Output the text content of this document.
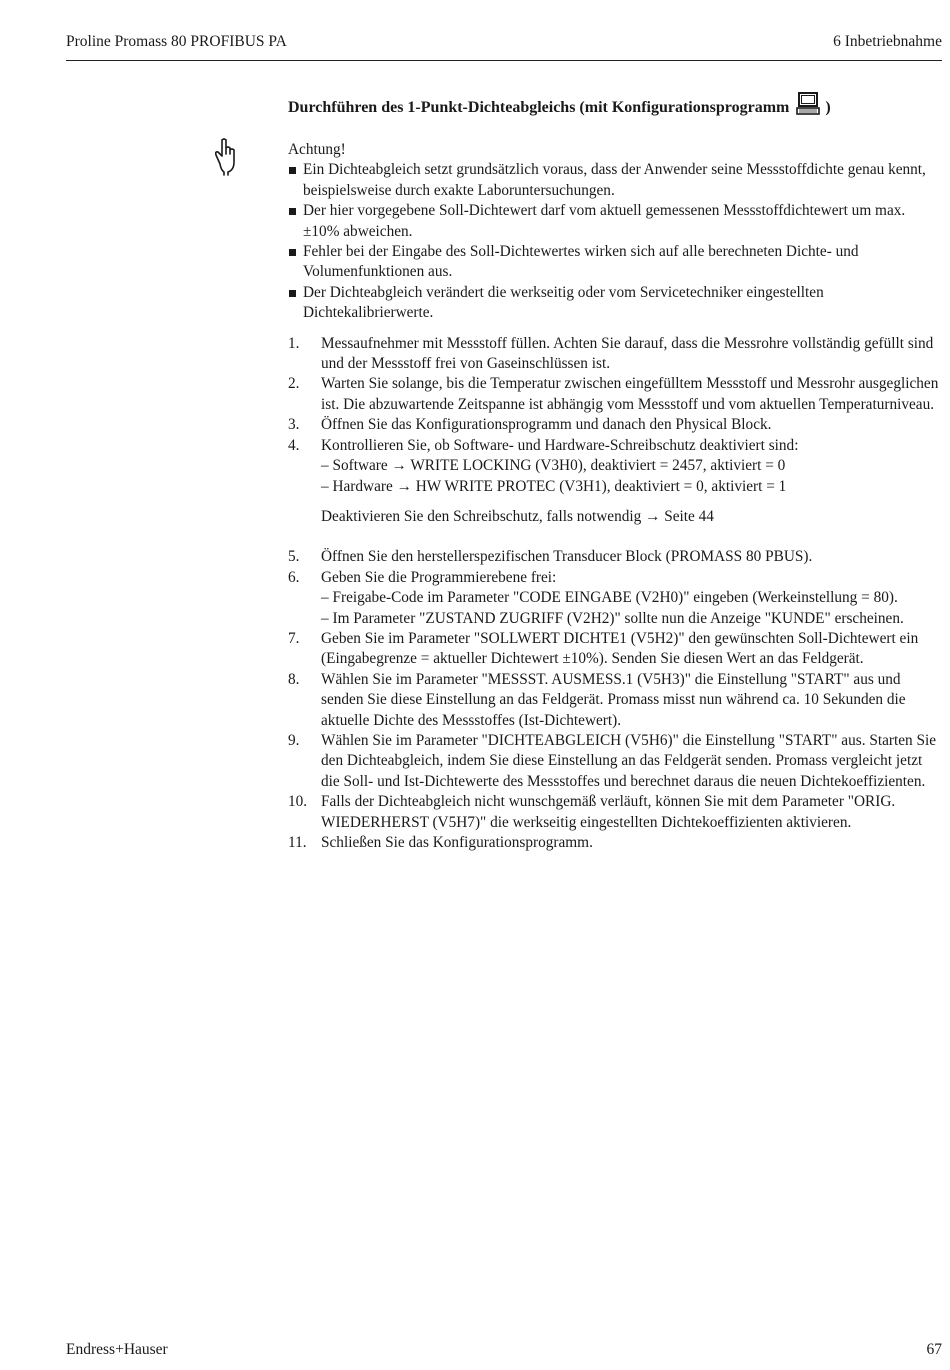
Proline Promass 80 PROFIBUS PA	6 Inbetriebnahme
Durchführen des 1-Punkt-Dichteabgleichs (mit Konfigurationsprogramm )

Achtung!

Ein Dichteabgleich setzt grundsätzlich voraus, dass der Anwender seine Messstoffdichte genau kennt, beispielsweise durch exakte Laboruntersuchungen.
Der hier vorgegebene Soll-Dichtewert darf vom aktuell gemessenen Messstoffdichtewert um max. ±10% abweichen.
Fehler bei der Eingabe des Soll-Dichtewertes wirken sich auf alle berechneten Dichte- und Volumenfunktionen aus.
Der Dichteabgleich verändert die werkseitig oder vom Servicetechniker eingestellten Dichtekalibrierwerte.
1. Messaufnehmer mit Messstoff füllen. Achten Sie darauf, dass die Messrohre vollständig gefüllt sind und der Messstoff frei von Gaseinschlüssen ist.
2. Warten Sie solange, bis die Temperatur zwischen eingefülltem Messstoff und Messrohr ausgeglichen ist. Die abzuwartende Zeitspanne ist abhängig vom Messstoff und vom aktuellen Temperaturniveau.
3. Öffnen Sie das Konfigurationsprogramm und danach den Physical Block.
4. Kontrollieren Sie, ob Software- und Hardware-Schreibschutz deaktiviert sind:
– Software → WRITE LOCKING (V3H0), deaktiviert = 2457, aktiviert = 0
– Hardware → HW WRITE PROTEC (V3H1), deaktiviert = 0, aktiviert = 1
Deaktivieren Sie den Schreibschutz, falls notwendig → Seite 44
5. Öffnen Sie den herstellerspezifischen Transducer Block (PROMASS 80 PBUS).
6. Geben Sie die Programmierebene frei:
– Freigabe-Code im Parameter "CODE EINGABE (V2H0)" eingeben (Werkeinstellung = 80).
– Im Parameter "ZUSTAND ZUGRIFF (V2H2)" sollte nun die Anzeige "KUNDE" erscheinen.
7. Geben Sie im Parameter "SOLLWERT DICHTE1 (V5H2)" den gewünschten Soll-Dichtewert ein (Eingabegrenze = aktueller Dichtewert ±10%). Senden Sie diesen Wert an das Feldgerät.
8. Wählen Sie im Parameter "MESSST. AUSMESS.1 (V5H3)" die Einstellung "START" aus und senden Sie diese Einstellung an das Feldgerät. Promass misst nun während ca. 10 Sekunden die aktuelle Dichte des Messstoffes (Ist-Dichtewert).
9. Wählen Sie im Parameter "DICHTEABGLEICH (V5H6)" die Einstellung "START" aus. Starten Sie den Dichteabgleich, indem Sie diese Einstellung an das Feldgerät senden. Promass vergleicht jetzt die Soll- und Ist-Dichtewerte des Messstoffes und berechnet daraus die neuen Dichtekoeffizienten.
10. Falls der Dichteabgleich nicht wunschgemäß verläuft, können Sie mit dem Parameter "ORIG. WIEDERHERST (V5H7)" die werkseitig eingestellten Dichtekoeffizienten aktivieren.
11. Schließen Sie das Konfigurationsprogramm.
Endress+Hauser	67
